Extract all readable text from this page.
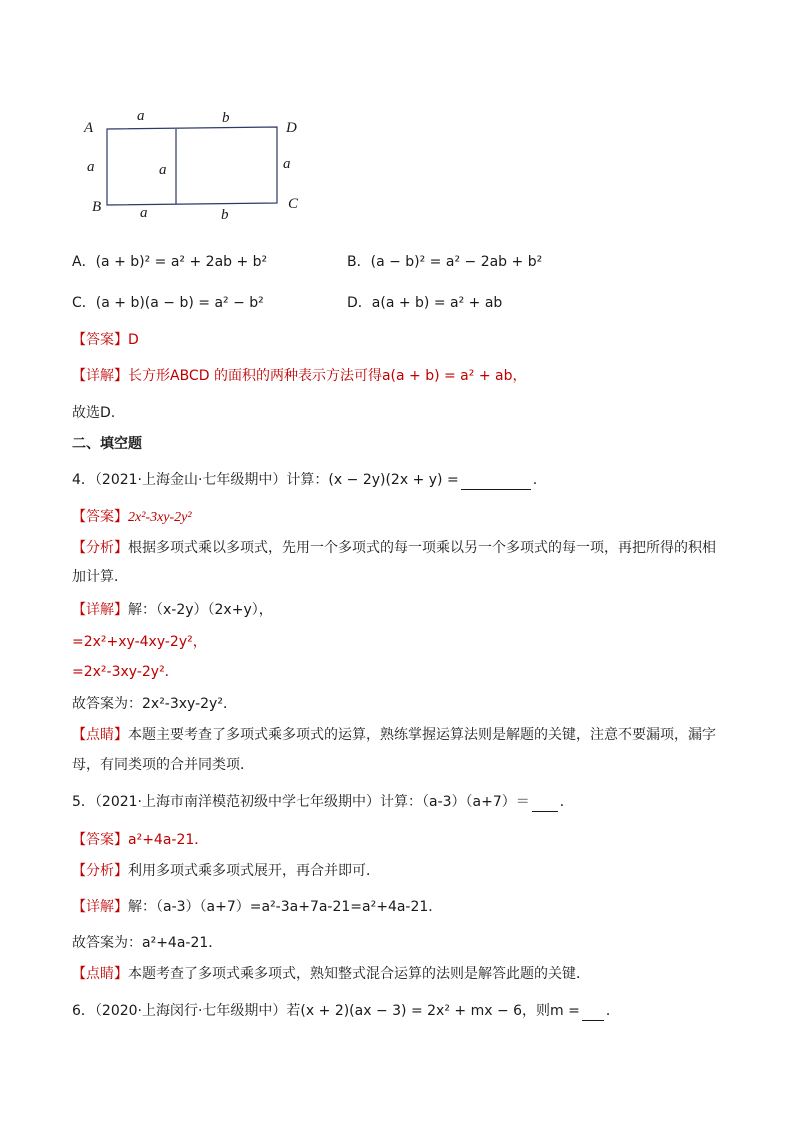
A	D
B	C
a	b
a	a	a
a	b
A．(a + b)² = a² + 2ab + b²	B．(a − b)² = a² − 2ab + b²
C．(a + b)(a − b) = a² − b²	D．a(a + b) = a² + ab
【答案】D
【详解】长方形ABCD 的面积的两种表示方法可得a(a + b) = a² + ab，
故选D.
二、填空题
4．（2021·上海金山·七年级期中）计算：(x − 2y)(2x + y) =	.
【答案】2x²-3xy-2y²
【分析】根据多项式乘以多项式，先用一个多项式的每一项乘以另一个多项式的每一项，再把所得的积相
加计算．
【详解】解：（x-2y）（2x+y），
=2x²+xy-4xy-2y²，
=2x²-3xy-2y²．
故答案为：2x²-3xy-2y²．
【点睛】本题主要考查了多项式乘多项式的运算，熟练掌握运算法则是解题的关键，注意不要漏项，漏字
母，有同类项的合并同类项．
5．（2021·上海市南洋模范初级中学七年级期中）计算：（a-3）（a+7）＝ ．
【答案】a²+4a-21．
【分析】利用多项式乘多项式展开，再合并即可．
【详解】解：（a-3）（a+7）=a²-3a+7a-21=a²+4a-21．
故答案为：a²+4a-21．
【点睛】本题考查了多项式乘多项式，熟知整式混合运算的法则是解答此题的关键．
6．（2020·上海闵行·七年级期中）若(x + 2)(ax − 3) = 2x² + mx − 6，则m = ．
